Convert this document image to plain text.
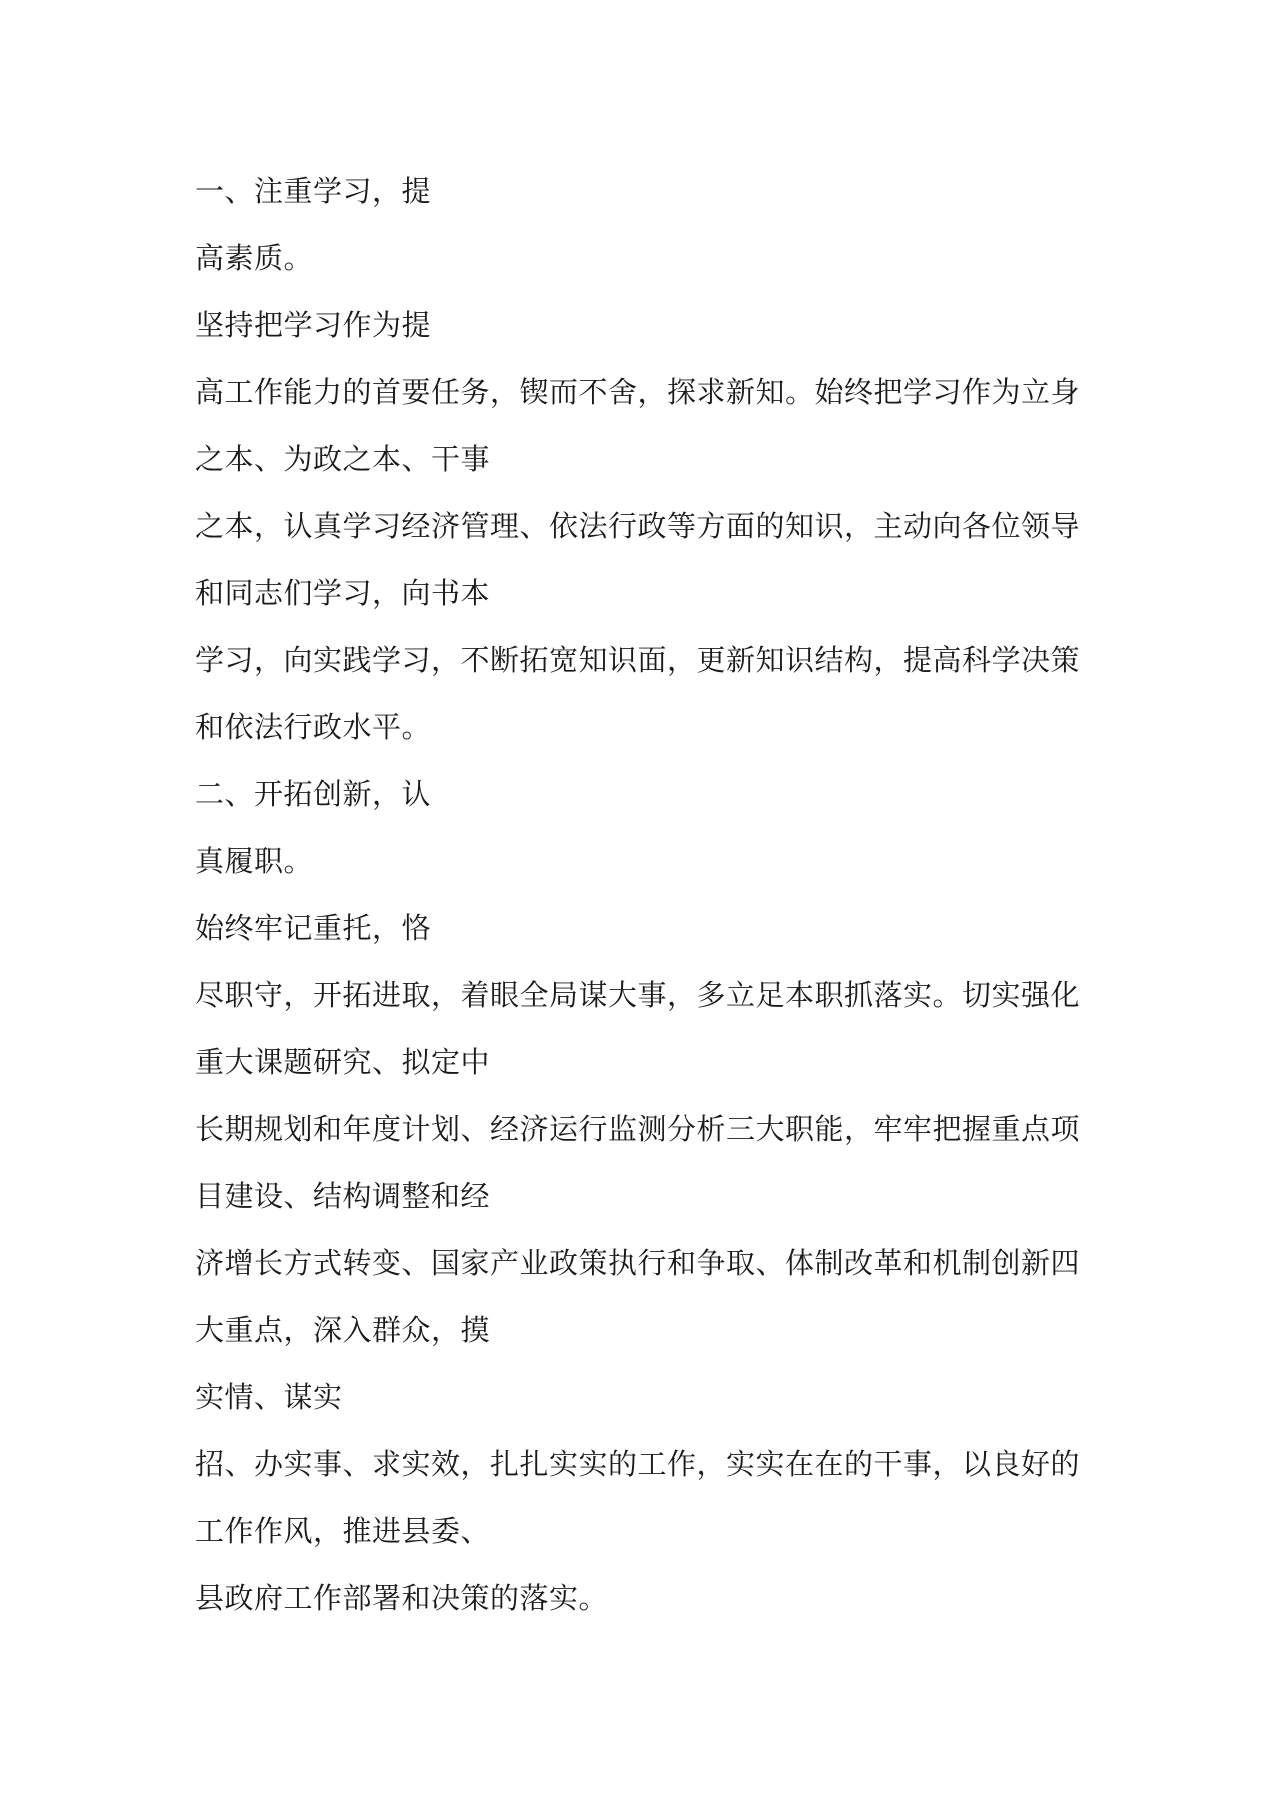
一、注重学习，提

高素质。

坚持把学习作为提

高工作能力的首要任务，锲而不舍，探求新知。始终把学习作为立身

之本、为政之本、干事

之本，认真学习经济管理、依法行政等方面的知识，主动向各位领导

和同志们学习，向书本

学习，向实践学习，不断拓宽知识面，更新知识结构，提高科学决策

和依法行政水平。

二、开拓创新，认

真履职。

始终牢记重托，恪

尽职守，开拓进取，着眼全局谋大事，多立足本职抓落实。切实强化

重大课题研究、拟定中

长期规划和年度计划、经济运行监测分析三大职能，牢牢把握重点项

目建设、结构调整和经

济增长方式转变、国家产业政策执行和争取、体制改革和机制创新四

大重点，深入群众，摸

实情、谋实

招、办实事、求实效，扎扎实实的工作，实实在在的干事，以良好的

工作作风，推进县委、

县政府工作部署和决策的落实。
